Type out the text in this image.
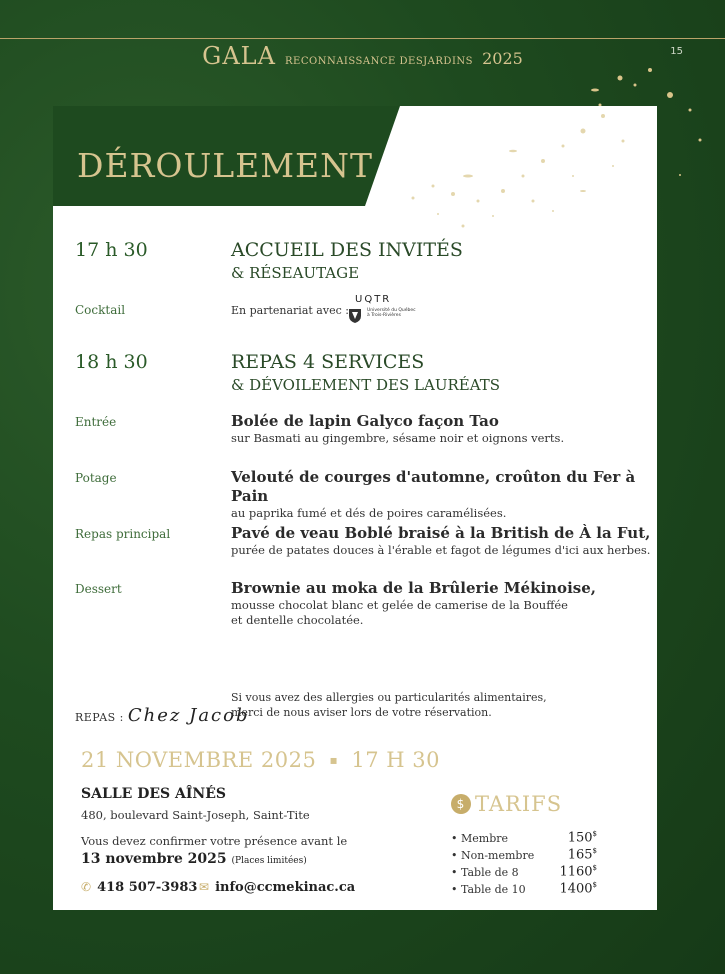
GALA RECONNAISSANCE DESJARDINS 2025	15
DÉROULEMENT
17 h 30	ACCUEIL DES INVITÉS
& RÉSEAUTAGE
Cocktail	En partenariat avec :
UQTR
Université du Québec
à Trois-Rivières
18 h 30	REPAS 4 SERVICES
& DÉVOILEMENT DES LAURÉATS
Entrée	Bolée de lapin Galyco façon Tao
sur Basmati au gingembre, sésame noir et oignons verts.
Potage	Velouté de courges d'automne, croûton du Fer à Pain
au paprika fumé et dés de poires caramélisées.
Repas principal	Pavé de veau Boblé braisé à la British de À la Fut,
purée de patates douces à l'érable et fagot de légumes d'ici aux herbes.
Dessert	Brownie au moka de la Brûlerie Mékinoise,
mousse chocolat blanc et gelée de camerise de la Bouffée
et dentelle chocolatée.
REPAS : Chez Jacob
Si vous avez des allergies ou particularités alimentaires,
merci de nous aviser lors de votre réservation.
21 NOVEMBRE 2025 ▪ 17 H 30
SALLE DES AÎNÉS
480, boulevard Saint-Joseph, Saint-Tite
Vous devez confirmer votre présence avant le
13 novembre 2025 (Places limitées)
✆ 418 507-3983 ✉ info@ccmekinac.ca
$ TARIFS
• Membre	150$
• Non-membre	165$
• Table de 8	1160$
• Table de 10	1400$
